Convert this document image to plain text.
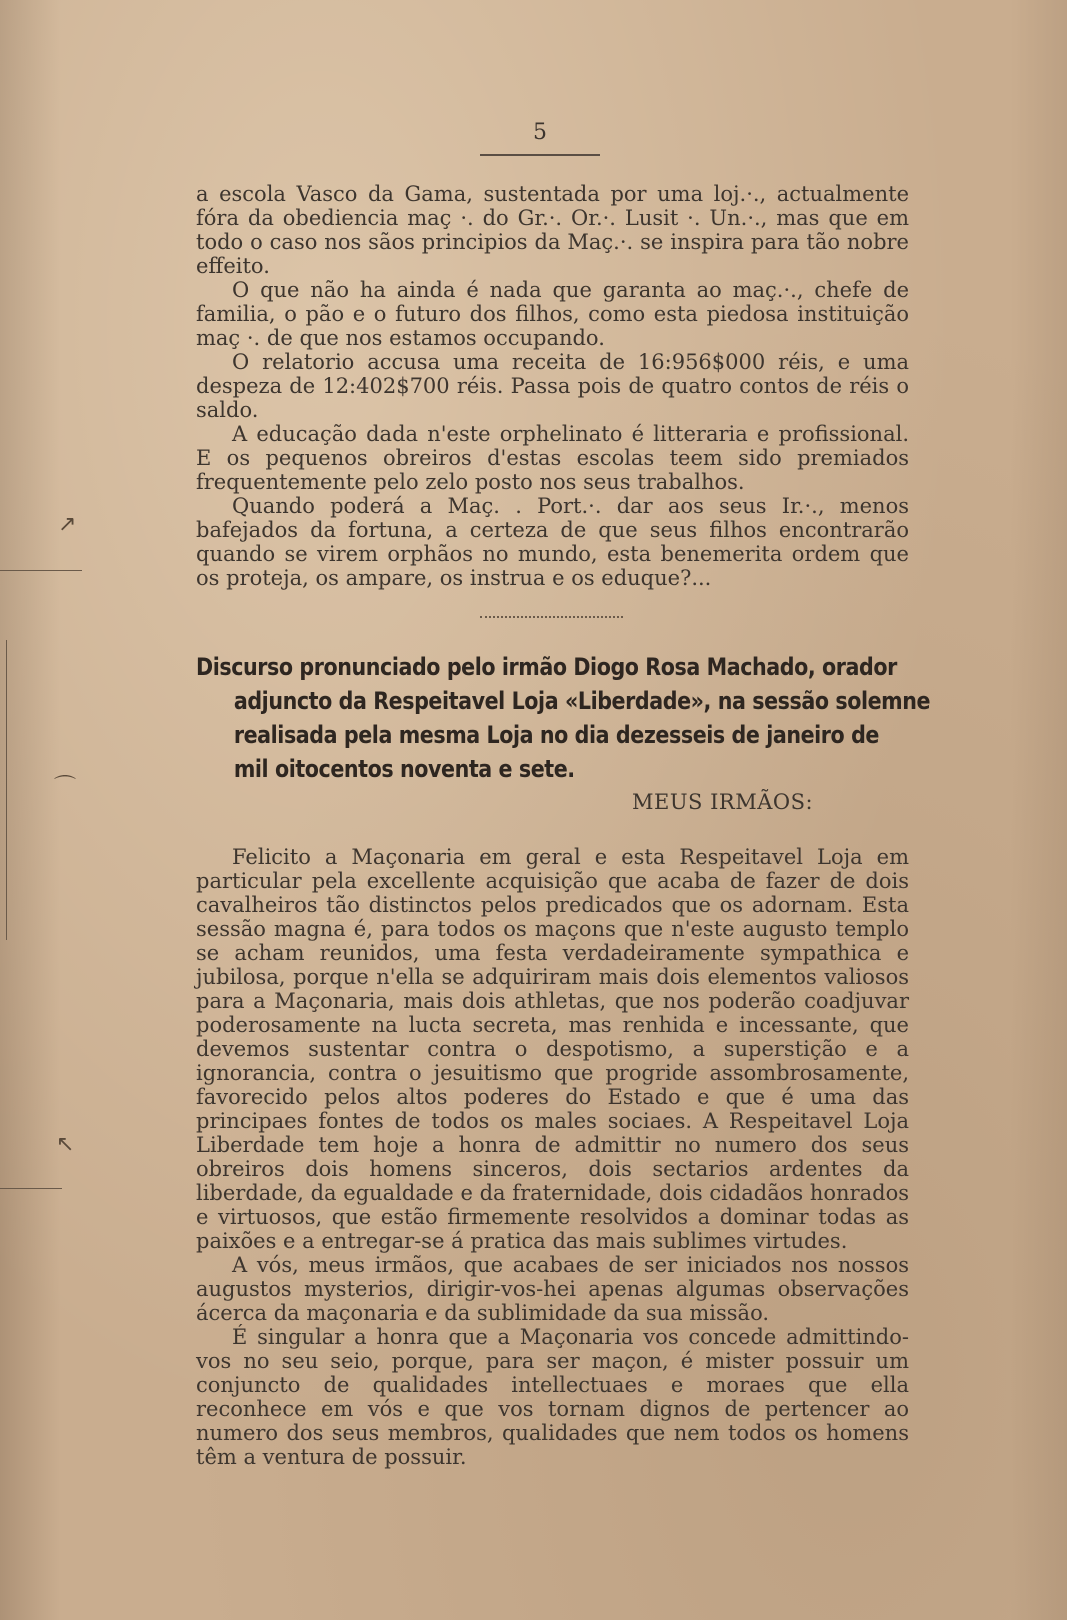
↗
⌒
↖
5

a escola Vasco da Gama, sustentada por uma loj.·., actualmente fóra da obediencia maç ·. do Gr.·. Or.·. Lusit ·. Un.·., mas que em todo o caso nos sãos principios da Maç.·. se inspira para tão nobre effeito.

O que não ha ainda é nada que garanta ao maç.·., chefe de familia, o pão e o futuro dos filhos, como esta piedosa instituição maç ·. de que nos estamos occupando.

O relatorio accusa uma receita de 16:956$000 réis, e uma despeza de 12:402$700 réis. Passa pois de quatro contos de réis o saldo.

A educação dada n'este orphelinato é litteraria e profissional. E os pequenos obreiros d'estas escolas teem sido premiados frequentemente pelo zelo posto nos seus trabalhos.

Quando poderá a Maç. . Port.·. dar aos seus Ir.·., menos bafejados da fortuna, a certeza de que seus filhos encontrarão quando se virem orphãos no mundo, esta benemerita ordem que os proteja, os ampare, os instrua e os eduque?...

Discurso pronunciado pelo irmão Diogo Rosa Machado, orador
adjuncto da Respeitavel Loja «Liberdade», na sessão solemne
realisada pela mesma Loja no dia dezesseis de janeiro de
mil oitocentos noventa e sete.
MEUS IRMÃOS:

Felicito a Maçonaria em geral e esta Respeitavel Loja em particular pela excellente acquisição que acaba de fazer de dois cavalheiros tão distinctos pelos predicados que os adornam. Esta sessão magna é, para todos os maçons que n'este augusto templo se acham reunidos, uma festa verdadeiramente sympathica e jubilosa, porque n'ella se adquiriram mais dois elementos valiosos para a Maçonaria, mais dois athletas, que nos poderão coadjuvar poderosamente na lucta secreta, mas renhida e incessante, que devemos sustentar contra o despotismo, a superstição e a ignorancia, contra o jesuitismo que progride assombrosamente, favorecido pelos altos poderes do Estado e que é uma das principaes fontes de todos os males sociaes. A Respeitavel Loja Liberdade tem hoje a honra de admittir no numero dos seus obreiros dois homens sinceros, dois sectarios ardentes da liberdade, da egualdade e da fraternidade, dois cidadãos honrados e virtuosos, que estão firmemente resolvidos a dominar todas as paixões e a entregar-se á pratica das mais sublimes virtudes.

A vós, meus irmãos, que acabaes de ser iniciados nos nossos augustos mysterios, dirigir-vos-hei apenas algumas observações ácerca da maçonaria e da sublimidade da sua missão.

É singular a honra que a Maçonaria vos concede admittindo-vos no seu seio, porque, para ser maçon, é mister possuir um conjuncto de qualidades intellectuaes e moraes que ella reconhece em vós e que vos tornam dignos de pertencer ao numero dos seus membros, qualidades que nem todos os homens têm a ventura de possuir.
